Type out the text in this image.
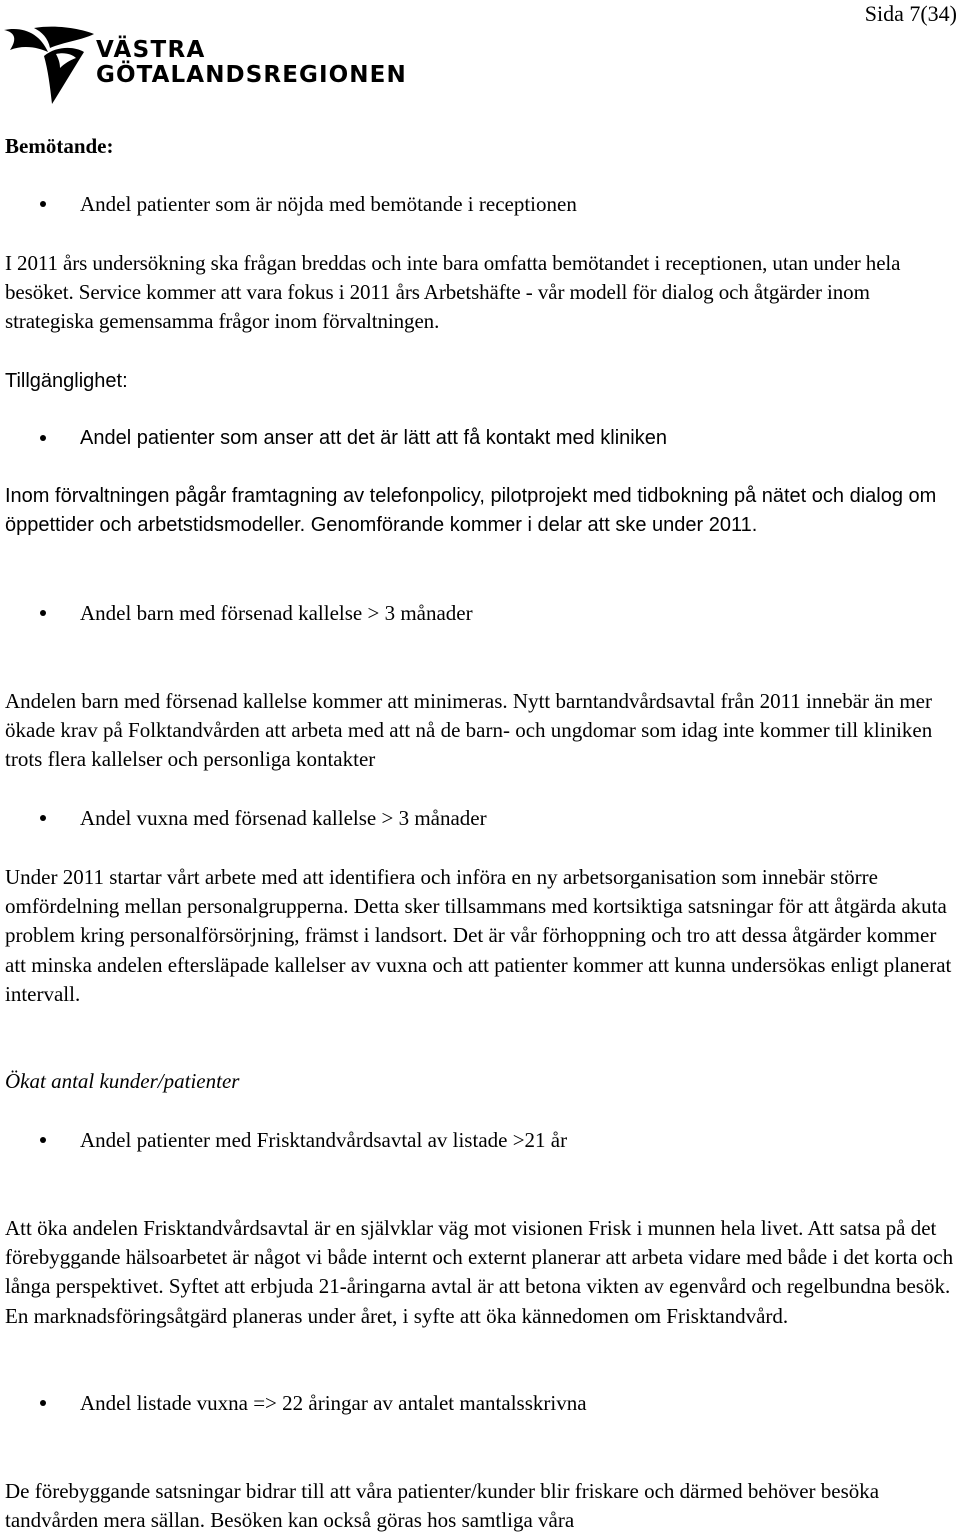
Sida 7(34)
VÄSTRA
GÖTALANDSREGIONEN
Bemötande:
Andel patienter som är nöjda med bemötande i receptionen

I 2011 års undersökning ska frågan breddas och inte bara omfatta bemötandet i receptionen, utan under hela besöket. Service kommer att vara fokus i 2011 års Arbetshäfte - vår modell för dialog och åtgärder inom strategiska gemensamma frågor inom förvaltningen.

Tillgänglighet:
Andel patienter som anser att det är lätt att få kontakt med kliniken

Inom förvaltningen pågår framtagning av telefonpolicy, pilotprojekt med tidbokning på nätet och dialog om öppettider och arbetstidsmodeller. Genomförande kommer i delar att ske under 2011.

Andel barn med försenad kallelse > 3 månader

Andelen barn med försenad kallelse kommer att minimeras. Nytt barntandvårdsavtal från 2011 innebär än mer ökade krav på Folktandvården att arbeta med att nå de barn- och ungdomar som idag inte kommer till kliniken trots flera kallelser och personliga kontakter

Andel vuxna med försenad kallelse > 3 månader

Under 2011 startar vårt arbete med att identifiera och införa en ny arbetsorganisation som innebär större omfördelning mellan personalgrupperna. Detta sker tillsammans med kortsiktiga satsningar för att åtgärda akuta problem kring personalförsörjning, främst i landsort. Det är vår förhoppning och tro att dessa åtgärder kommer att minska andelen eftersläpade kallelser av vuxna och att patienter kommer att kunna undersökas enligt planerat intervall.

Ökat antal kunder/patienter
Andel patienter med Frisktandvårdsavtal av listade >21 år

Att öka andelen Frisktandvårdsavtal är en självklar väg mot visionen Frisk i munnen hela livet. Att satsa på det förebyggande hälsoarbetet är något vi både internt och externt planerar att arbeta vidare med både i det korta och långa perspektivet. Syftet att erbjuda 21-åringarna avtal är att betona vikten av egenvård och regelbundna besök. En marknadsföringsåtgärd planeras under året, i syfte att öka kännedomen om Frisktandvård.

Andel listade vuxna => 22 åringar av antalet mantalsskrivna

De förebyggande satsningar bidrar till att våra patienter/kunder blir friskare och därmed behöver besöka tandvården mera sällan. Besöken kan också göras hos samtliga våra
